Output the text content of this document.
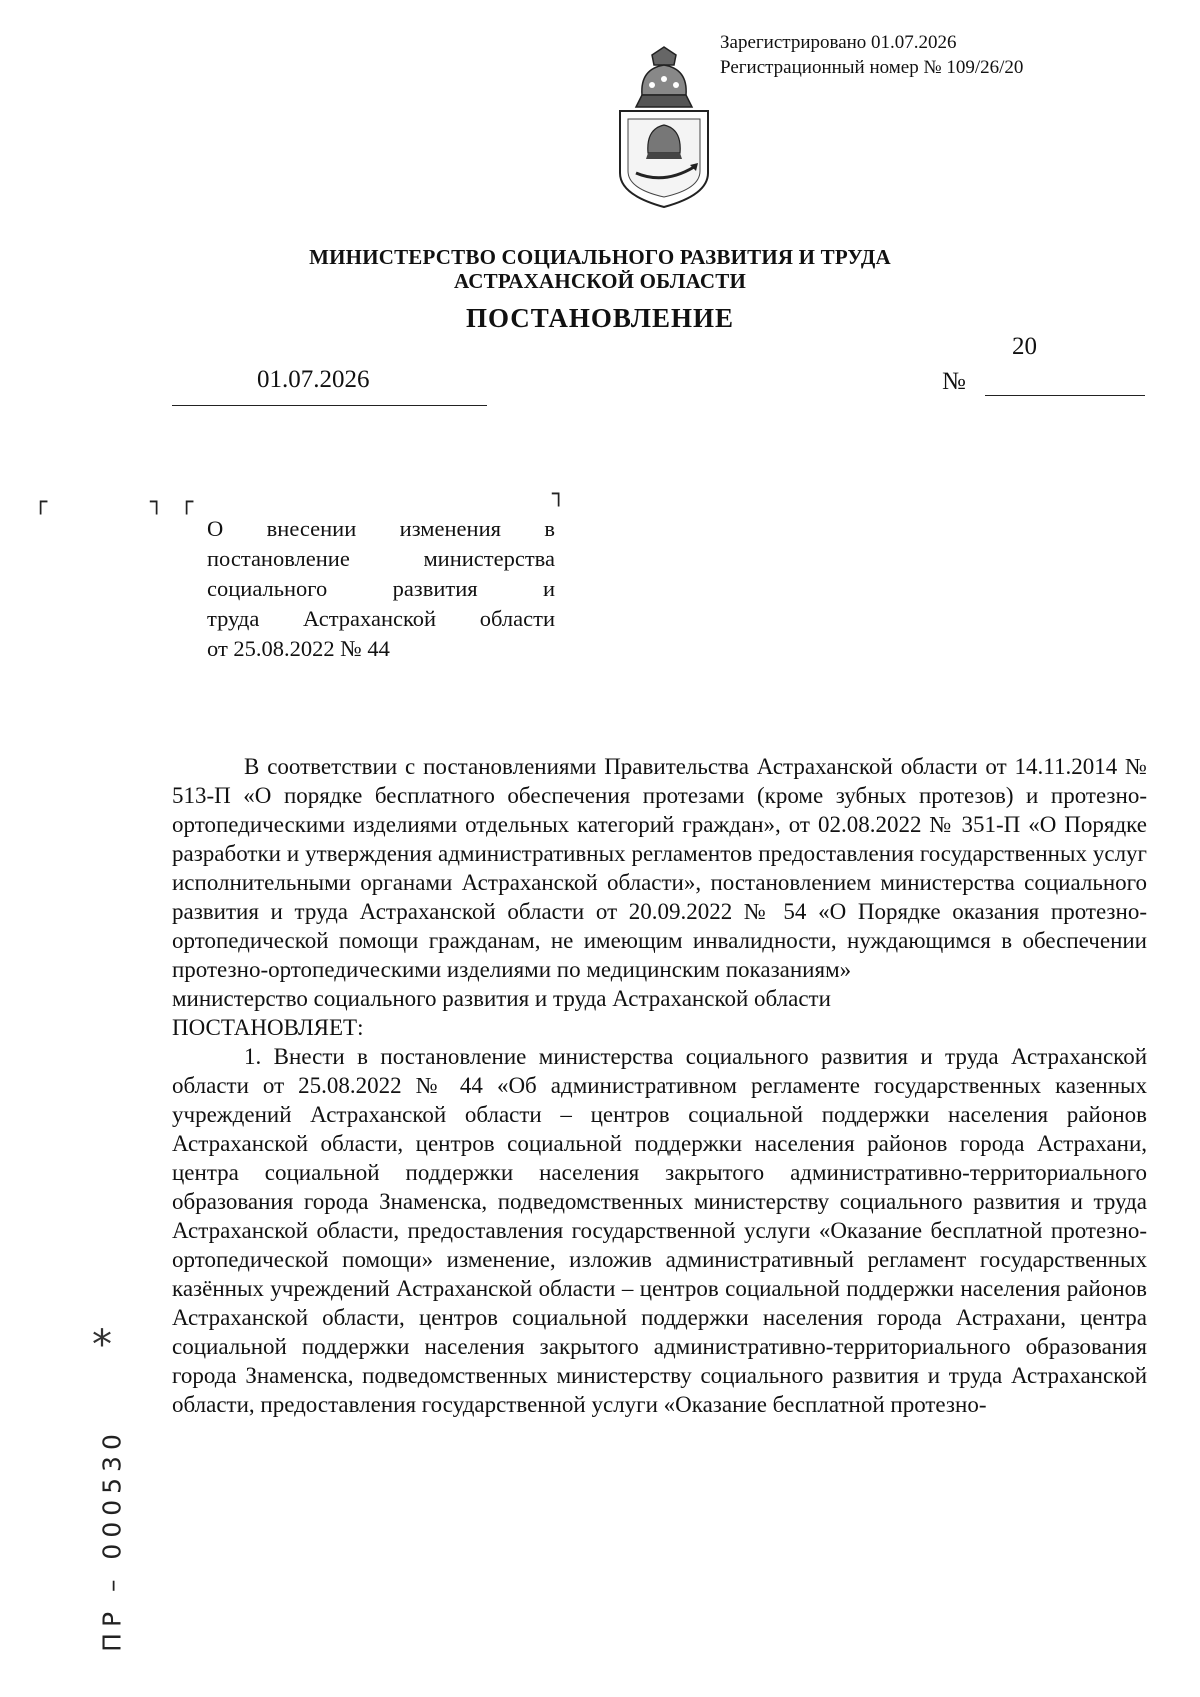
Зарегистрировано 01.07.2026
Регистрационный номер № 109/26/20
МИНИСТЕРСТВО СОЦИАЛЬНОГО РАЗВИТИЯ И ТРУДА
АСТРАХАНСКОЙ ОБЛАСТИ
ПОСТАНОВЛЕНИЕ
01.07.2026	№
20
┌	┐ ┌	┐

О внесении изменения в

постановление министерства

социального развития и

труда Астраханской области

от 25.08.2022 № 44

В соответствии с постановлениями Правительства Астраханской области от 14.11.2014 № 513-П «О порядке бесплатного обеспечения протезами (кроме зубных протезов) и протезно-ортопедическими изделиями отдельных категорий граждан», от 02.08.2022 № 351-П «О Порядке разработки и утверждения административных регламентов предоставления государственных услуг исполнительными органами Астраханской области», постановлением министерства социального развития и труда Астраханской области от 20.09.2022 № 54 «О Порядке оказания протезно-ортопедической помощи гражданам, не имеющим инвалидности, нуждающимся в обеспечении протезно-ортопедическими изделиями по медицинским показаниям»

министерство социального развития и труда Астраханской области

ПОСТАНОВЛЯЕТ:

1. Внести в постановление министерства социального развития и труда Астраханской области от 25.08.2022 № 44 «Об административном регламенте государственных казенных учреждений Астраханской области – центров социальной поддержки населения районов Астраханской области, центров социальной поддержки населения районов города Астрахани, центра социальной поддержки населения закрытого административно-территориального образования города Знаменска, подведомственных министерству социального развития и труда Астраханской области, предоставления государственной услуги «Оказание бесплатной протезно-ортопедической помощи» изменение, изложив административный регламент государственных казённых учреждений Астраханской области – центров социальной поддержки населения районов Астраханской области, центров социальной поддержки населения города Астрахани, центра социальной поддержки населения закрытого административно-территориального образования города Знаменска, подведомственных министерству социального развития и труда Астраханской области, предоставления государственной услуги «Оказание бесплатной протезно-

*
ПР – 000530
